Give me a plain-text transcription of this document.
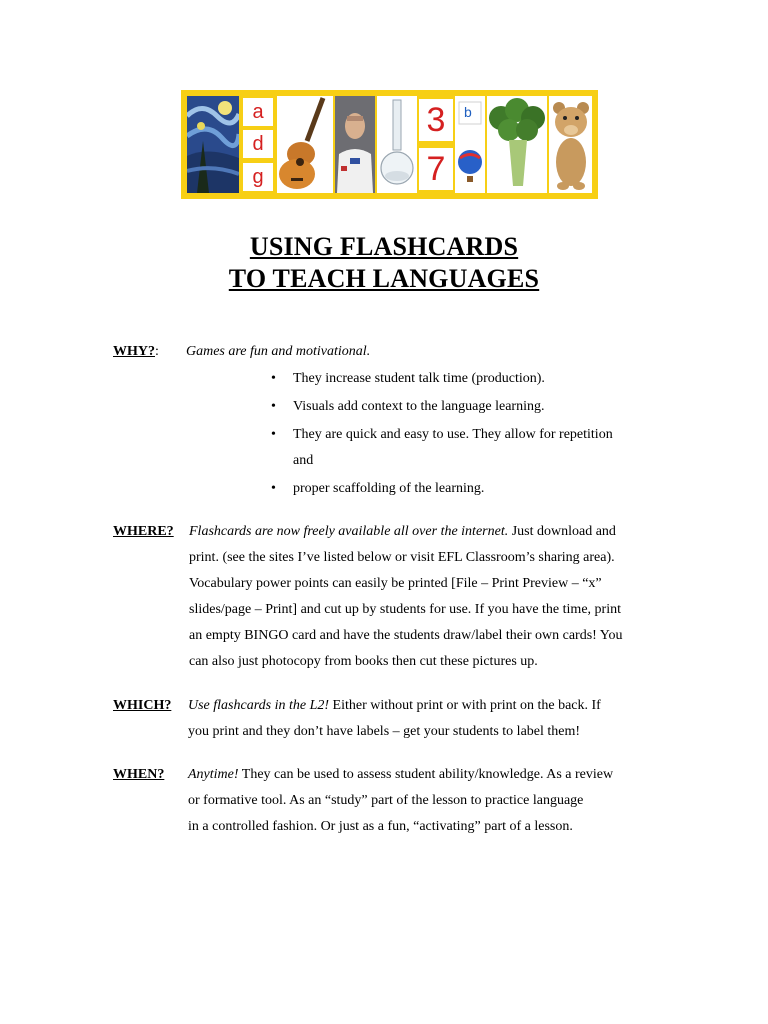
a
d
g
3
7
b
USING FLASHCARDS
TO TEACH LANGUAGES
WHY? : Games are fun and motivational.
• They increase student talk time (production).
• Visuals add context to the language learning.
• They are quick and easy to use. They allow for repetition
and
• proper scaffolding of the learning.
WHERE? Flashcards are now freely available all over the internet. Just download and
print. (see the sites I’ve listed below or visit EFL Classroom’s sharing area).
Vocabulary power points can easily be printed [File – Print Preview – “x”
slides/page – Print] and cut up by students for use. If you have the time, print
an empty BINGO card and have the students draw/label their own cards! You
can also just photocopy from books then cut these pictures up.
WHICH? Use flashcards in the L2! Either without print or with print on the back. If
you print and they don’t have labels – get your students to label them!
WHEN? Anytime! They can be used to assess student ability/knowledge. As a review
or formative tool. As an “study” part of the lesson to practice language
in a controlled fashion. Or just as a fun, “activating” part of a lesson.
